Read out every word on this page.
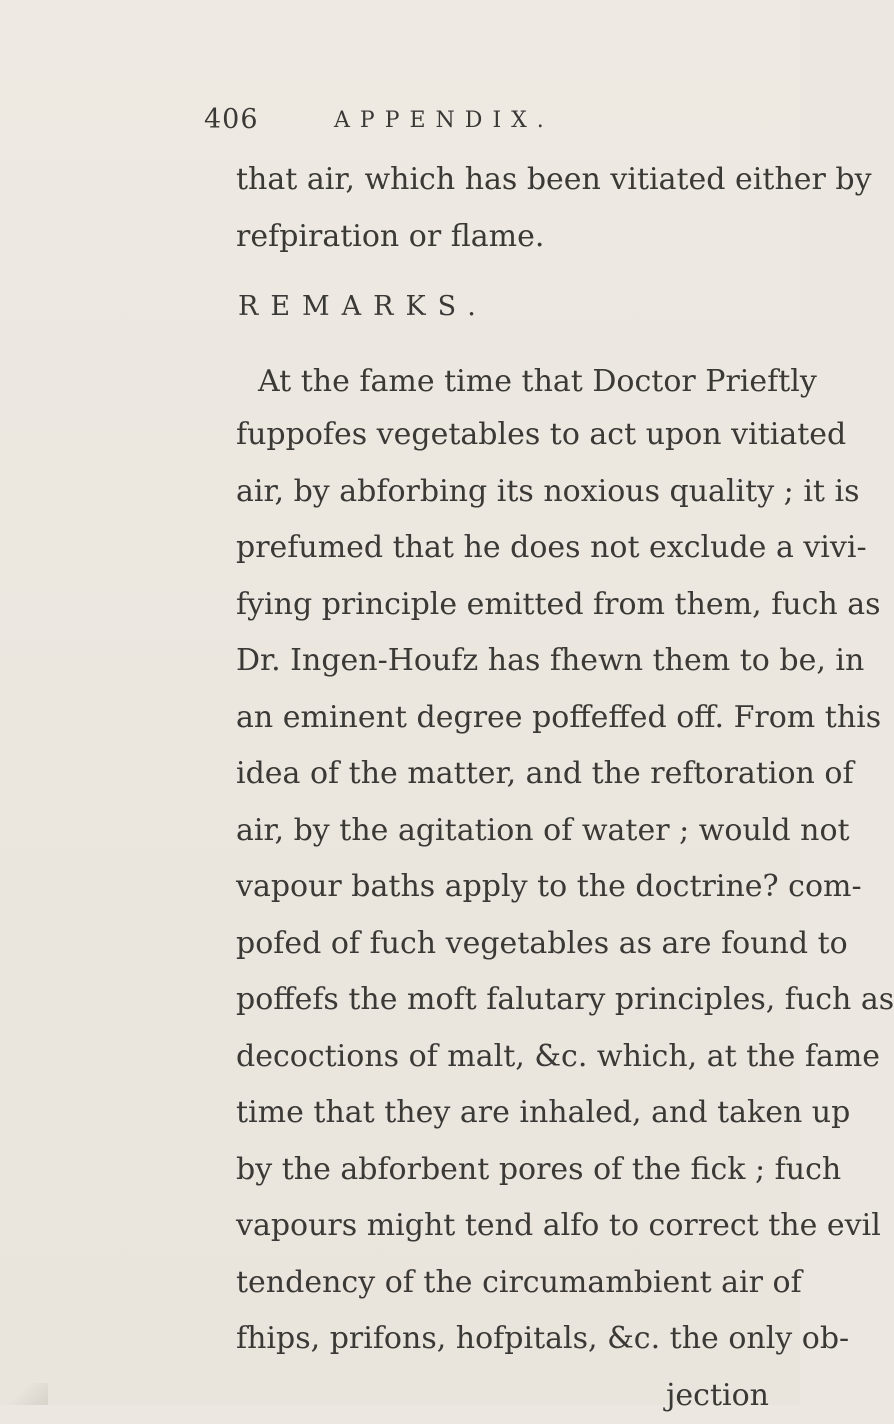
406	APPENDIX.
that air, which has been vitiated either by
refpiration or flame.
REMARKS.
At the fame time that Doctor Prieftly
fuppofes vegetables to act upon vitiated
air, by abforbing its noxious quality ; it is
prefumed that he does not exclude a vivi-
fying principle emitted from them, fuch as
Dr. Ingen-Houfz has fhewn them to be, in
an eminent degree poffeffed off. From this
idea of the matter, and the reftoration of
air, by the agitation of water ; would not
vapour baths apply to the doctrine? com-
pofed of fuch vegetables as are found to
poffefs the moft falutary principles, fuch as
decoctions of malt, &c. which, at the fame
time that they are inhaled, and taken up
by the abforbent pores of the fick ; fuch
vapours might tend alfo to correct the evil
tendency of the circumambient air of
fhips, prifons, hofpitals, &c. the only ob-
jection
